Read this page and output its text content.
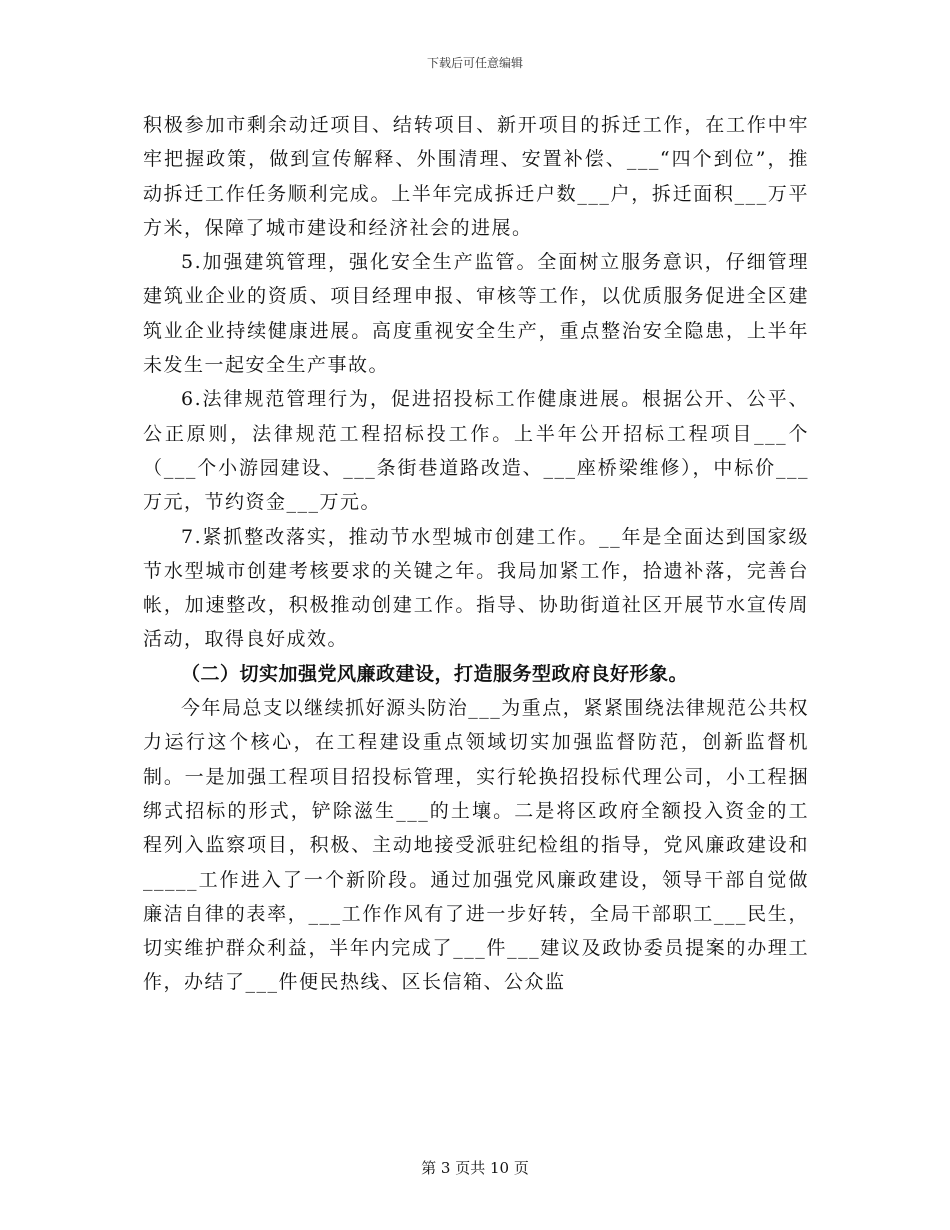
下载后可任意编辑

积极参加市剩余动迁项目、结转项目、新开项目的拆迁工作，在工作中牢牢把握政策，做到宣传解释、外围清理、安置补偿、___“四个到位”，推动拆迁工作任务顺利完成。上半年完成拆迁户数___户，拆迁面积___万平方米，保障了城市建设和经济社会的进展。

5.加强建筑管理，强化安全生产监管。全面树立服务意识，仔细管理建筑业企业的资质、项目经理申报、审核等工作，以优质服务促进全区建筑业企业持续健康进展。高度重视安全生产，重点整治安全隐患，上半年未发生一起安全生产事故。

6.法律规范管理行为，促进招投标工作健康进展。根据公开、公平、公正原则，法律规范工程招标投工作。上半年公开招标工程项目___个（___个小游园建设、___条街巷道路改造、___座桥梁维修），中标价___万元，节约资金___万元。

7.紧抓整改落实，推动节水型城市创建工作。__年是全面达到国家级节水型城市创建考核要求的关键之年。我局加紧工作，拾遗补落，完善台帐，加速整改，积极推动创建工作。指导、协助街道社区开展节水宣传周活动，取得良好成效。

（二）切实加强党风廉政建设，打造服务型政府良好形象。

今年局总支以继续抓好源头防治___为重点，紧紧围绕法律规范公共权力运行这个核心，在工程建设重点领域切实加强监督防范，创新监督机制。一是加强工程项目招投标管理，实行轮换招投标代理公司，小工程捆绑式招标的形式，铲除滋生___的土壤。二是将区政府全额投入资金的工程列入监察项目，积极、主动地接受派驻纪检组的指导，党风廉政建设和_____工作进入了一个新阶段。通过加强党风廉政建设，领导干部自觉做廉洁自律的表率，___工作作风有了进一步好转，全局干部职工___民生，切实维护群众利益，半年内完成了___件___建议及政协委员提案的办理工作，办结了___件便民热线、区长信箱、公众监

第 3 页共 10 页
